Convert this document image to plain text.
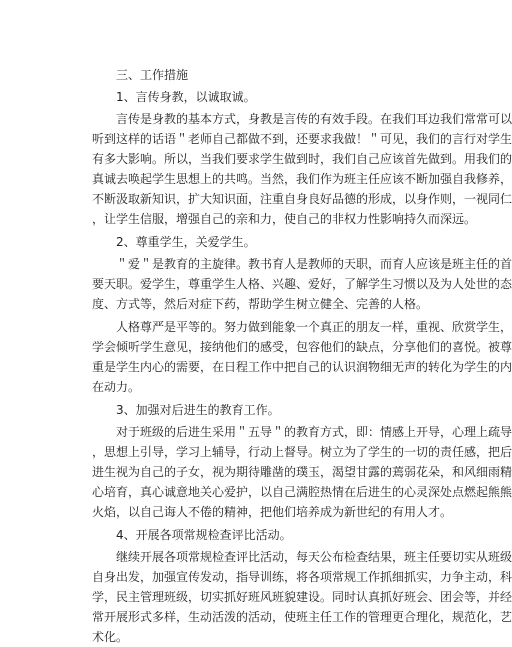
三、工作措施
1、言传身教，以诚取诚。
言传是身教的基本方式，身教是言传的有效手段。在我们耳边我们常常可以
听到这样的话语＂老师自己都做不到，还要求我做！＂可见，我们的言行对学生
有多大影响。所以，当我们要求学生做到时，我们自己应该首先做到。用我们的
真诚去唤起学生思想上的共鸣。当然，我们作为班主任应该不断加强自我修养，
不断汲取新知识，扩大知识面，注重自身良好品德的形成，以身作则，一视同仁
，让学生信服，增强自己的亲和力，使自己的非权力性影响持久而深远。
2、尊重学生，关爱学生。
＂爱＂是教育的主旋律。教书育人是教师的天职，而育人应该是班主任的首
要天职。爱学生，尊重学生人格、兴趣、爱好，了解学生习惯以及为人处世的态
度、方式等，然后对症下药，帮助学生树立健全、完善的人格。
人格尊严是平等的。努力做到能象一个真正的朋友一样，重视、欣赏学生，
学会倾听学生意见，接纳他们的感受，包容他们的缺点，分享他们的喜悦。被尊
重是学生内心的需要，在日程工作中把自己的认识润物细无声的转化为学生的内
在动力。
3、加强对后进生的教育工作。
对于班级的后进生采用＂五导＂的教育方式，即：情感上开导，心理上疏导
，思想上引导，学习上辅导，行动上督导。树立为了学生的一切的责任感，把后
进生视为自己的子女，视为期待雕凿的璞玉，渴望甘露的蔫弱花朵，和风细雨精
心培育，真心诚意地关心爱护，以自己满腔热情在后进生的心灵深处点燃起熊熊
火焰，以自己诲人不倦的精神，把他们培养成为新世纪的有用人才。
4、开展各项常规检查评比活动。
继续开展各项常规检查评比活动，每天公布检查结果，班主任要切实从班级
自身出发，加强宣传发动，指导训练，将各项常规工作抓细抓实，力争主动，科
学，民主管理班级，切实抓好班风班貌建设。同时认真抓好班会、团会等，并经
常开展形式多样，生动活泼的活动，使班主任工作的管理更合理化，规范化，艺
术化。
